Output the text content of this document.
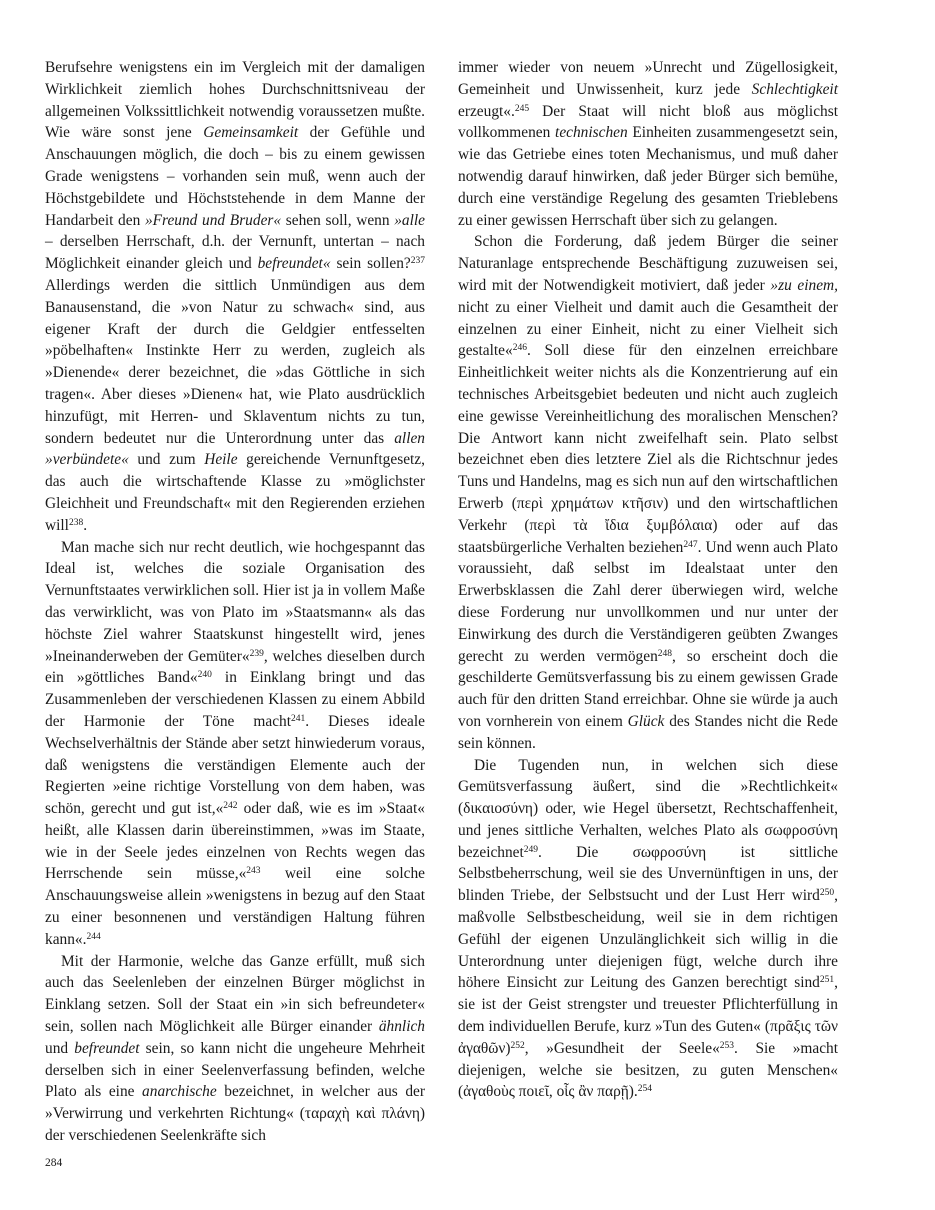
Berufsehre wenigstens ein im Vergleich mit der damaligen Wirklichkeit ziemlich hohes Durchschnittsniveau der allgemeinen Volkssittlichkeit notwendig voraussetzen mußte. Wie wäre sonst jene Gemeinsamkeit der Gefühle und Anschauungen möglich, die doch – bis zu einem gewissen Grade wenigstens – vorhanden sein muß, wenn auch der Höchstgebildete und Höchststehende in dem Manne der Handarbeit den »Freund und Bruder« sehen soll, wenn »alle – derselben Herrschaft, d.h. der Vernunft, untertan – nach Möglichkeit einander gleich und befreundet« sein sollen?$^{237}$ Allerdings werden die sittlich Unmündigen aus dem Banausenstand, die »von Natur zu schwach« sind, aus eigener Kraft der durch die Geldgier entfesselten »pöbelhaften« Instinkte Herr zu werden, zugleich als »Dienende« derer bezeichnet, die »das Göttliche in sich tragen«. Aber dieses »Dienen« hat, wie Plato ausdrücklich hinzufügt, mit Herren- und Sklaventum nichts zu tun, sondern bedeutet nur die Unterordnung unter das allen »verbündete« und zum Heile gereichende Vernunftgesetz, das auch die wirtschaftende Klasse zu »möglichster Gleichheit und Freundschaft« mit den Regierenden erziehen will$^{238}$.

Man mache sich nur recht deutlich, wie hochgespannt das Ideal ist, welches die soziale Organisation des Vernunftstaates verwirklichen soll. Hier ist ja in vollem Maße das verwirklicht, was von Plato im »Staatsmann« als das höchste Ziel wahrer Staatskunst hingestellt wird, jenes »Ineinanderweben der Gemüter«$^{239}$, welches dieselben durch ein »göttliches Band«$^{240}$ in Einklang bringt und das Zusammenleben der verschiedenen Klassen zu einem Abbild der Harmonie der Töne macht$^{241}$. Dieses ideale Wechselverhältnis der Stände aber setzt hinwiederum voraus, daß wenigstens die verständigen Elemente auch der Regierten »eine richtige Vorstellung von dem haben, was schön, gerecht und gut ist,«$^{242}$ oder daß, wie es im »Staat« heißt, alle Klassen darin übereinstimmen, »was im Staate, wie in der Seele jedes einzelnen von Rechts wegen das Herrschende sein müsse,«$^{243}$ weil eine solche Anschauungsweise allein »wenigstens in bezug auf den Staat zu einer besonnenen und verständigen Haltung führen kann«.$^{244}$

Mit der Harmonie, welche das Ganze erfüllt, muß sich auch das Seelenleben der einzelnen Bürger möglichst in Einklang setzen. Soll der Staat ein »in sich befreundeter« sein, sollen nach Möglichkeit alle Bürger einander ähnlich und befreundet sein, so kann nicht die ungeheure Mehrheit derselben sich in einer Seelenverfassung befinden, welche Plato als eine anarchische bezeichnet, in welcher aus der »Verwirrung und verkehrten Richtung« (ταραχὴ καὶ πλάνη) der verschiedenen Seelenkräfte sich

immer wieder von neuem »Unrecht und Zügellosigkeit, Gemeinheit und Unwissenheit, kurz jede Schlechtigkeit erzeugt«.$^{245}$ Der Staat will nicht bloß aus möglichst vollkommenen technischen Einheiten zusammengesetzt sein, wie das Getriebe eines toten Mechanismus, und muß daher notwendig darauf hinwirken, daß jeder Bürger sich bemühe, durch eine verständige Regelung des gesamten Trieblebens zu einer gewissen Herrschaft über sich zu gelangen.

Schon die Forderung, daß jedem Bürger die seiner Naturanlage entsprechende Beschäftigung zuzuweisen sei, wird mit der Notwendigkeit motiviert, daß jeder »zu einem, nicht zu einer Vielheit und damit auch die Gesamtheit der einzelnen zu einer Einheit, nicht zu einer Vielheit sich gestalte«$^{246}$. Soll diese für den einzelnen erreichbare Einheitlichkeit weiter nichts als die Konzentrierung auf ein technisches Arbeitsgebiet bedeuten und nicht auch zugleich eine gewisse Vereinheitlichung des moralischen Menschen? Die Antwort kann nicht zweifelhaft sein. Plato selbst bezeichnet eben dies letztere Ziel als die Richtschnur jedes Tuns und Handelns, mag es sich nun auf den wirtschaftlichen Erwerb (περὶ χρημάτων κτῆσιν) und den wirtschaftlichen Verkehr (περὶ τὰ ἴδια ξυμβόλαια) oder auf das staatsbürgerliche Verhalten beziehen$^{247}$. Und wenn auch Plato voraussieht, daß selbst im Idealstaat unter den Erwerbsklassen die Zahl derer überwiegen wird, welche diese Forderung nur unvollkommen und nur unter der Einwirkung des durch die Verständigeren geübten Zwanges gerecht zu werden vermögen$^{248}$, so erscheint doch die geschilderte Gemütsverfassung bis zu einem gewissen Grade auch für den dritten Stand erreichbar. Ohne sie würde ja auch von vornherein von einem Glück des Standes nicht die Rede sein können.

Die Tugenden nun, in welchen sich diese Gemütsverfassung äußert, sind die »Rechtlichkeit« (δικαιοσύνη) oder, wie Hegel übersetzt, Rechtschaffenheit, und jenes sittliche Verhalten, welches Plato als σωφροσύνη bezeichnet$^{249}$. Die σωφροσύνη ist sittliche Selbstbeherrschung, weil sie des Unvernünftigen in uns, der blinden Triebe, der Selbstsucht und der Lust Herr wird$^{250}$, maßvolle Selbstbescheidung, weil sie in dem richtigen Gefühl der eigenen Unzulänglichkeit sich willig in die Unterordnung unter diejenigen fügt, welche durch ihre höhere Einsicht zur Leitung des Ganzen berechtigt sind$^{251}$, sie ist der Geist strengster und treuester Pflichterfüllung in dem individuellen Berufe, kurz »Tun des Guten« (πρᾶξις τῶν ἀγαθῶν)$^{252}$, »Gesundheit der Seele«$^{253}$. Sie »macht diejenigen, welche sie besitzen, zu guten Menschen« (ἀγαθοὺς ποιεῖ, οἷς ἂν παρῇ).$^{254}$

284
